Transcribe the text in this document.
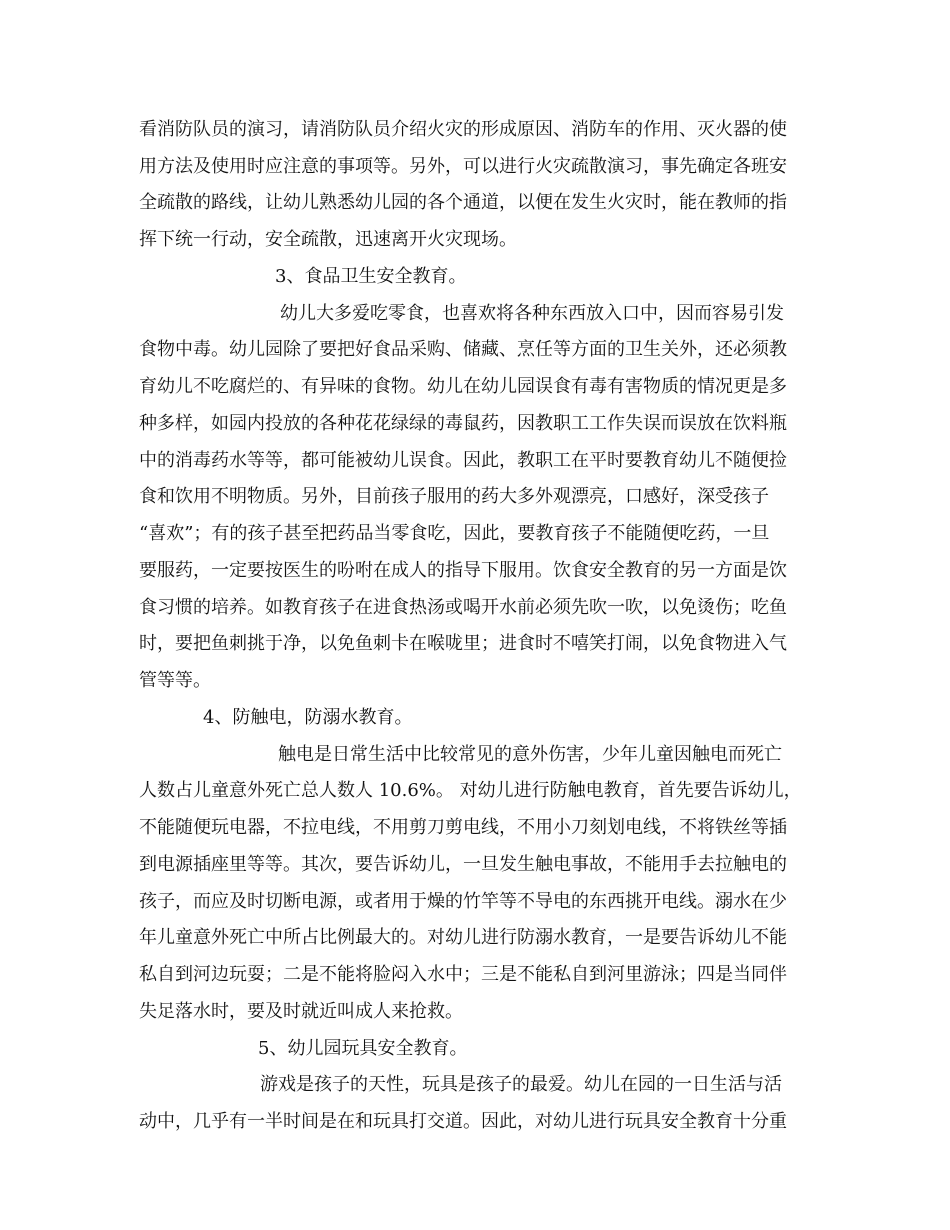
看消防队员的演习，请消防队员介绍火灾的形成原因、消防车的作用、灭火器的使
用方法及使用时应注意的事项等。另外，可以进行火灾疏散演习，事先确定各班安
全疏散的路线，让幼儿熟悉幼儿园的各个通道，以便在发生火灾时，能在教师的指
挥下统一行动，安全疏散，迅速离开火灾现场。
3、食品卫生安全教育。
幼儿大多爱吃零食，也喜欢将各种东西放入口中，因而容易引发
食物中毒。幼儿园除了要把好食品采购、储藏、烹任等方面的卫生关外，还必须教
育幼儿不吃腐烂的、有异味的食物。幼儿在幼儿园误食有毒有害物质的情况更是多
种多样，如园内投放的各种花花绿绿的毒鼠药，因教职工工作失误而误放在饮料瓶
中的消毒药水等等，都可能被幼儿误食。因此，教职工在平时要教育幼儿不随便捡
食和饮用不明物质。另外，目前孩子服用的药大多外观漂亮，口感好，深受孩子
“喜欢”；有的孩子甚至把药品当零食吃，因此，要教育孩子不能随便吃药，一旦
要服药，一定要按医生的吩咐在成人的指导下服用。饮食安全教育的另一方面是饮
食习惯的培养。如教育孩子在进食热汤或喝开水前必须先吹一吹，以免烫伤；吃鱼
时，要把鱼刺挑于净，以免鱼刺卡在喉咙里；进食时不嘻笑打闹，以免食物进入气
管等等。
4、防触电，防溺水教育。
触电是日常生活中比较常见的意外伤害，少年儿童因触电而死亡
人数占儿童意外死亡总人数人 10.6%。 对幼儿进行防触电教育，首先要告诉幼儿，
不能随便玩电器，不拉电线，不用剪刀剪电线，不用小刀刻划电线，不将铁丝等插
到电源插座里等等。其次，要告诉幼儿，一旦发生触电事故，不能用手去拉触电的
孩子，而应及时切断电源，或者用于燥的竹竿等不导电的东西挑开电线。溺水在少
年儿童意外死亡中所占比例最大的。对幼儿进行防溺水教育，一是要告诉幼儿不能
私自到河边玩耍；二是不能将脸闷入水中；三是不能私自到河里游泳；四是当同伴
失足落水时，要及时就近叫成人来抢救。
5、幼儿园玩具安全教育。
游戏是孩子的天性，玩具是孩子的最爱。幼儿在园的一日生活与活
动中，几乎有一半时间是在和玩具打交道。因此，对幼儿进行玩具安全教育十分重
